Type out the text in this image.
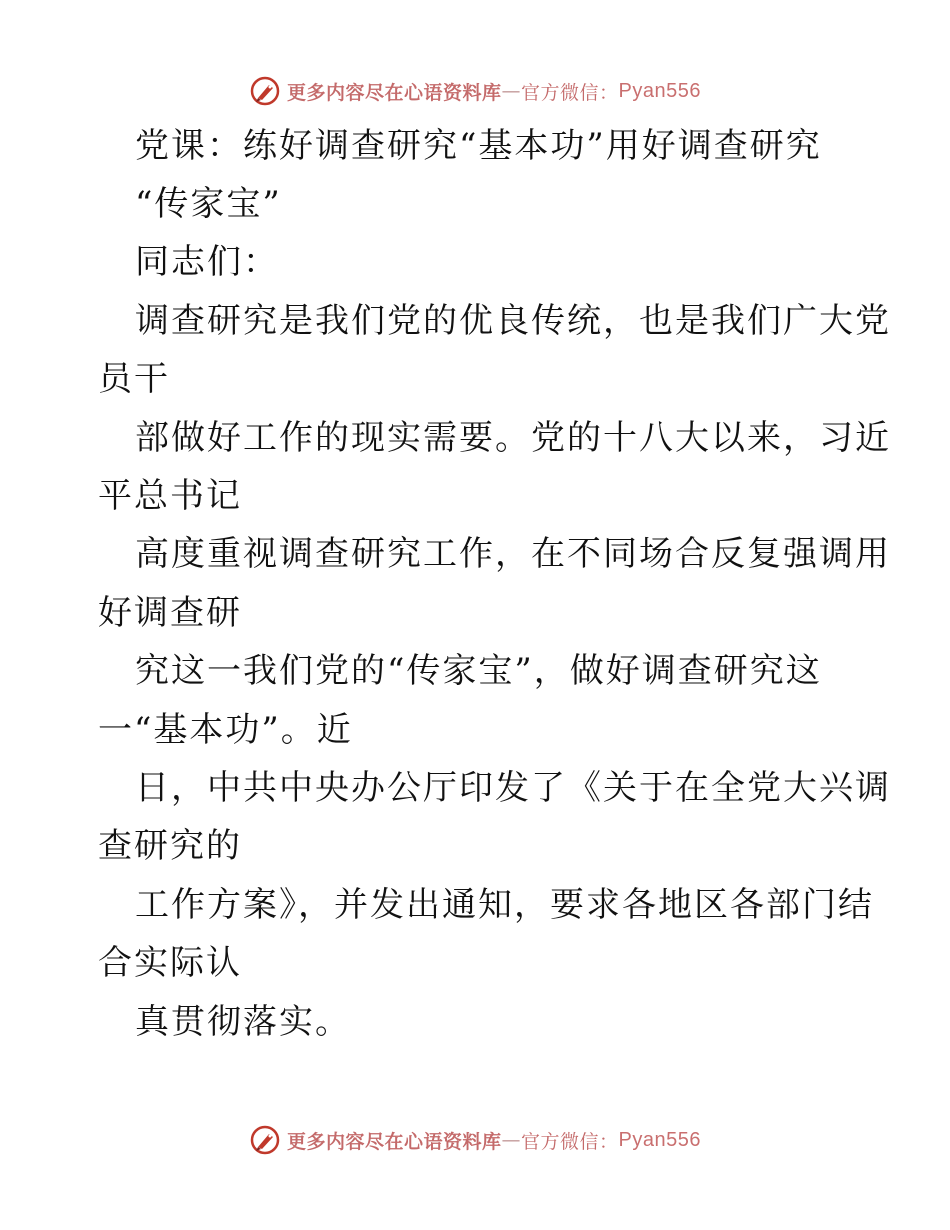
更多内容尽在心语资料库 — 官方微信： Pyan556
党课：练好调查研究“基本功”用好调查研究
“传家宝”
同志们：
调查研究是我们党的优良传统，也是我们广大党
员干
部做好工作的现实需要。党的十八大以来，习近
平总书记
高度重视调查研究工作，在不同场合反复强调用
好调查研
究这一我们党的“传家宝”，做好调查研究这
一“基本功”。近
日，中共中央办公厅印发了《关于在全党大兴调
查研究的
工作方案》，并发出通知，要求各地区各部门结
合实际认
真贯彻落实。
更多内容尽在心语资料库 — 官方微信： Pyan556
